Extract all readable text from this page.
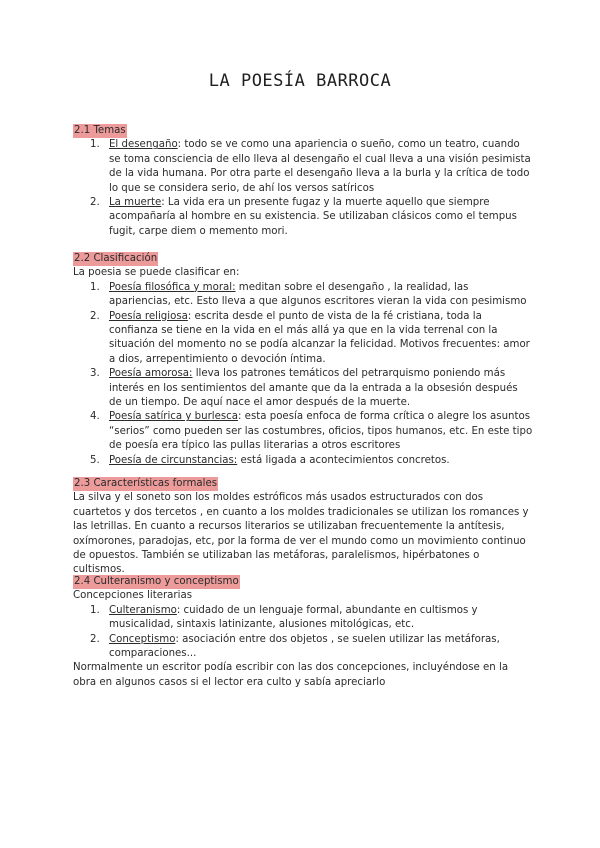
LA POESÍA BARROCA
2.1 Temas
1. El desengaño: todo se ve como una apariencia o sueño, como un teatro, cuando se toma consciencia de ello lleva al desengaño el cual lleva a una visión pesimista de la vida humana. Por otra parte el desengaño lleva a la burla y la crítica de todo lo que se considera serio, de ahí los versos satíricos
2. La muerte: La vida era un presente fugaz y la muerte aquello que siempre acompañaría al hombre en su existencia. Se utilizaban clásicos como el tempus fugit, carpe diem o memento mori.
2.2 Clasificación

La poesia se puede clasificar en:

1. Poesía filosófica y moral: meditan sobre el desengaño , la realidad, las apariencias, etc. Esto lleva a que algunos escritores vieran la vida con pesimismo
2. Poesía religiosa: escrita desde el punto de vista de la fé cristiana, toda la confianza se tiene en la vida en el más allá ya que en la vida terrenal con la situación del momento no se podía alcanzar la felicidad. Motivos frecuentes: amor a dios, arrepentimiento o devoción íntima.
3. Poesía amorosa: lleva los patrones temáticos del petrarquismo poniendo más interés en los sentimientos del amante que da la entrada a la obsesión después de un tiempo. De aquí nace el amor después de la muerte.
4. Poesía satírica y burlesca: esta poesía enfoca de forma crítica o alegre los asuntos “serios” como pueden ser las costumbres, oficios, tipos humanos, etc. En este tipo de poesía era típico las pullas literarias a otros escritores
5. Poesía de circunstancias: está ligada a acontecimientos concretos.
2.3 Características formales

La silva y el soneto son los moldes estróficos más usados estructurados con dos cuartetos y dos tercetos , en cuanto a los moldes tradicionales se utilizan los romances y las letrillas. En cuanto a recursos literarios se utilizaban frecuentemente la antítesis, oxímorones, paradojas, etc, por la forma de ver el mundo como un movimiento continuo de opuestos. También se utilizaban las metáforas, paralelismos, hipérbatones o cultismos.

2.4 Culteranismo y conceptismo

Concepciones literarias

1. Culteranismo: cuidado de un lenguaje formal, abundante en cultismos y musicalidad, sintaxis latinizante, alusiones mitológicas, etc.
2. Conceptismo: asociación entre dos objetos , se suelen utilizar las metáforas, comparaciones...

Normalmente un escritor podía escribir con las dos concepciones, incluyéndose en la obra en algunos casos si el lector era culto y sabía apreciarlo
